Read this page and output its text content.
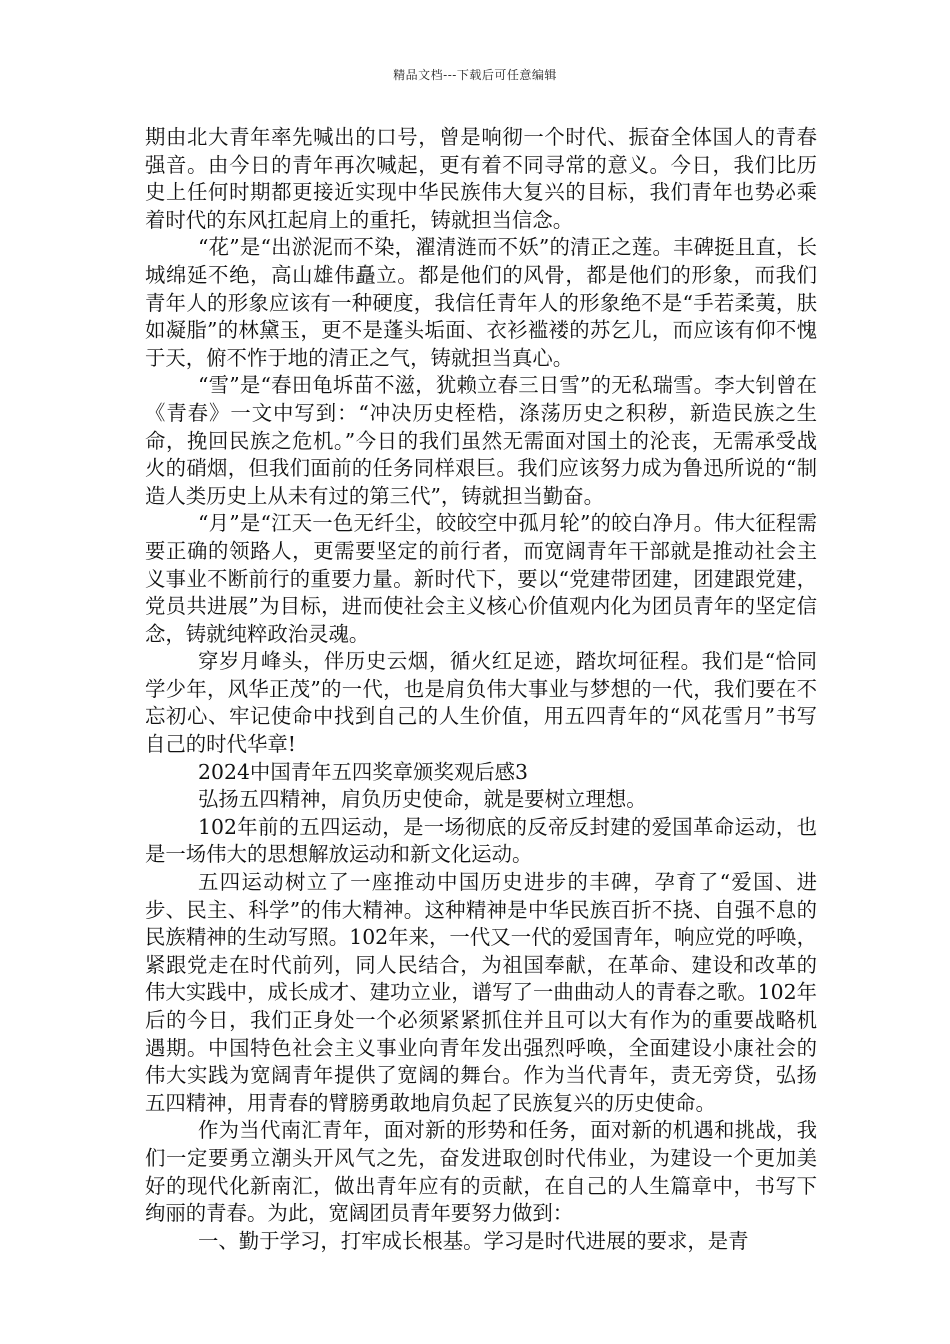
精品文档---下载后可任意编辑

期由北大青年率先喊出的口号，曾是响彻一个时代、振奋全体国人的青春强音。由今日的青年再次喊起，更有着不同寻常的意义。今日，我们比历史上任何时期都更接近实现中华民族伟大复兴的目标，我们青年也势必乘着时代的东风扛起肩上的重托，铸就担当信念。

“花”是“出淤泥而不染，濯清涟而不妖”的清正之莲。丰碑挺且直，长城绵延不绝，高山雄伟矗立。都是他们的风骨，都是他们的形象，而我们青年人的形象应该有一种硬度，我信任青年人的形象绝不是“手若柔荑，肤如凝脂”的林黛玉，更不是蓬头垢面、衣衫褴褛的苏乞儿，而应该有仰不愧于天，俯不怍于地的清正之气，铸就担当真心。

“雪”是“春田龟坼苗不滋，犹赖立春三日雪”的无私瑞雪。李大钊曾在《青春》一文中写到：“冲决历史桎梏，涤荡历史之积秽，新造民族之生命，挽回民族之危机。”今日的我们虽然无需面对国土的沦丧，无需承受战火的硝烟，但我们面前的任务同样艰巨。我们应该努力成为鲁迅所说的“制造人类历史上从未有过的第三代”，铸就担当勤奋。

“月”是“江天一色无纤尘，皎皎空中孤月轮”的皎白净月。伟大征程需要正确的领路人，更需要坚定的前行者，而宽阔青年干部就是推动社会主义事业不断前行的重要力量。新时代下，要以“党建带团建，团建跟党建，党员共进展”为目标，进而使社会主义核心价值观内化为团员青年的坚定信念，铸就纯粹政治灵魂。

穿岁月峰头，伴历史云烟，循火红足迹，踏坎坷征程。我们是“恰同学少年，风华正茂”的一代，也是肩负伟大事业与梦想的一代，我们要在不忘初心、牢记使命中找到自己的人生价值，用五四青年的“风花雪月”书写自己的时代华章!

2024中国青年五四奖章颁奖观后感3

弘扬五四精神，肩负历史使命，就是要树立理想。

102年前的五四运动，是一场彻底的反帝反封建的爱国革命运动，也是一场伟大的思想解放运动和新文化运动。

五四运动树立了一座推动中国历史进步的丰碑，孕育了“爱国、进步、民主、科学”的伟大精神。这种精神是中华民族百折不挠、自强不息的民族精神的生动写照。102年来，一代又一代的爱国青年，响应党的呼唤，紧跟党走在时代前列，同人民结合，为祖国奉献，在革命、建设和改革的伟大实践中，成长成才、建功立业，谱写了一曲曲动人的青春之歌。102年后的今日，我们正身处一个必须紧紧抓住并且可以大有作为的重要战略机遇期。中国特色社会主义事业向青年发出强烈呼唤，全面建设小康社会的伟大实践为宽阔青年提供了宽阔的舞台。作为当代青年，责无旁贷，弘扬五四精神，用青春的臂膀勇敢地肩负起了民族复兴的历史使命。

作为当代南汇青年，面对新的形势和任务，面对新的机遇和挑战，我们一定要勇立潮头开风气之先，奋发进取创时代伟业，为建设一个更加美好的现代化新南汇，做出青年应有的贡献，在自己的人生篇章中，书写下绚丽的青春。为此，宽阔团员青年要努力做到：

一、勤于学习，打牢成长根基。学习是时代进展的要求，是青
